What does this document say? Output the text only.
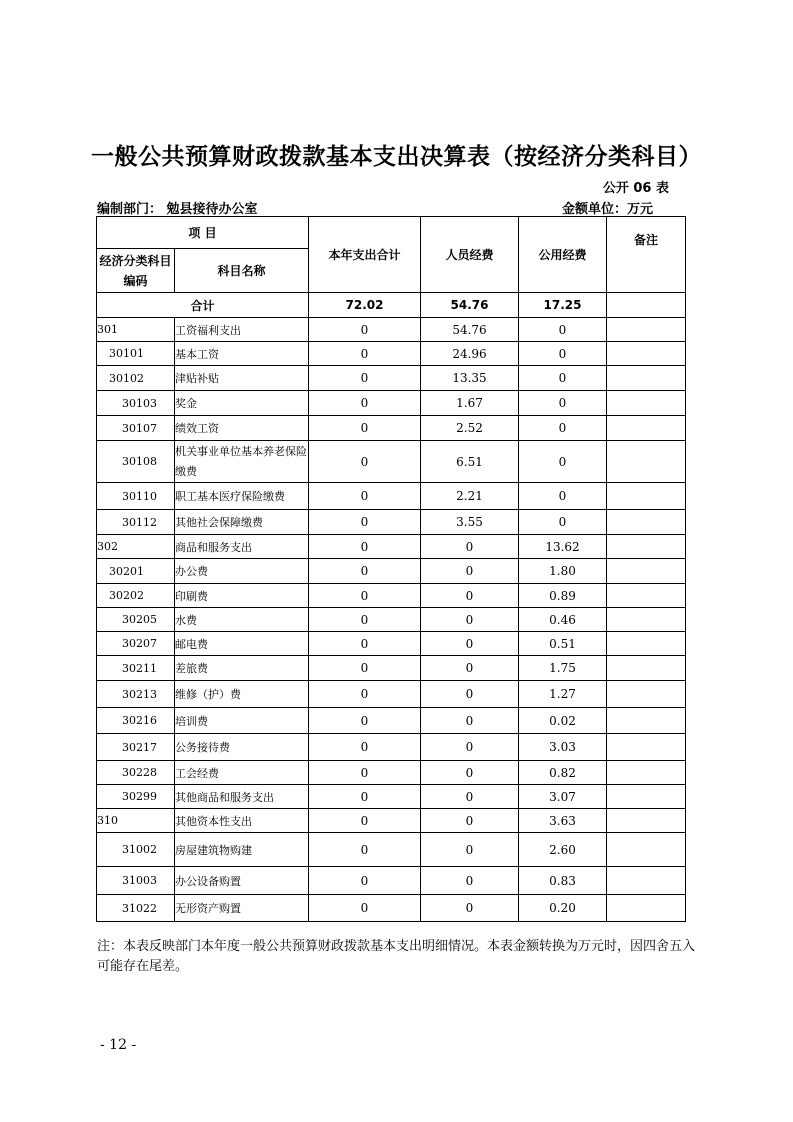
一般公共预算财政拨款基本支出决算表（按经济分类科目）
公开 06 表
编制部门： 勉县接待办公室	金额单位：万元
项 目		本年支出合计	人员经费	公用经费	备注
经济分类科目编码	科目名称				
合计		72.02	54.76	17.25	
301	工资福利支出	0	54.76	0	
30101	基本工资	0	24.96	0	
30102	津贴补贴	0	13.35	0	
30103	奖金	0	1.67	0	
30107	绩效工资	0	2.52	0	
30108	机关事业单位基本养老保险缴费	0	6.51	0	
30110	职工基本医疗保险缴费	0	2.21	0	
30112	其他社会保障缴费	0	3.55	0	
302	商品和服务支出	0	0	13.62	
30201	办公费	0	0	1.80	
30202	印刷费	0	0	0.89	
30205	水费	0	0	0.46	
30207	邮电费	0	0	0.51	
30211	差旅费	0	0	1.75	
30213	维修（护）费	0	0	1.27	
30216	培训费	0	0	0.02	
30217	公务接待费	0	0	3.03	
30228	工会经费	0	0	0.82	
30299	其他商品和服务支出	0	0	3.07	
310	其他资本性支出	0	0	3.63	
31002	房屋建筑物购建	0	0	2.60	
31003	办公设备购置	0	0	0.83	
31022	无形资产购置	0	0	0.20	
注：本表反映部门本年度一般公共预算财政拨款基本支出明细情况。本表金额转换为万元时，因四舍五入可能存在尾差。
- 12 -
